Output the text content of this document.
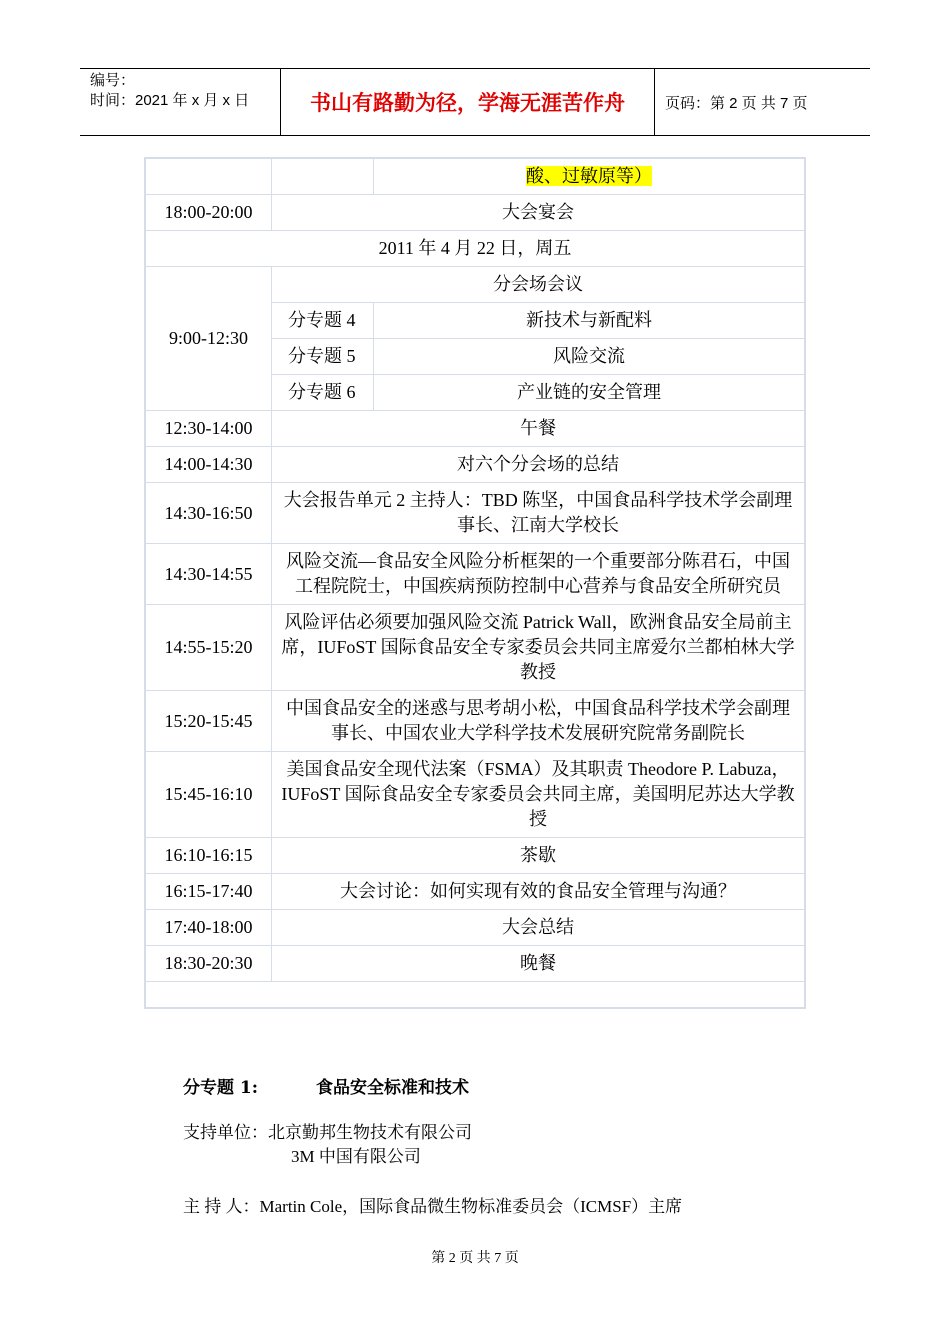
编号：
时间：2021 年 x 月 x 日	书山有路勤为径，学海无涯苦作舟	页码：第 2 页 共 7 页
		酸、过敏原等）
18:00-20:00	大会宴会	
2011 年 4 月 22 日，周五		
9:00-12:30	分会场会议	
	分专题 4	新技术与新配料
	分专题 5	风险交流
	分专题 6	产业链的安全管理
12:30-14:00	午餐	
14:00-14:30	对六个分会场的总结	
14:30-16:50	大会报告单元 2 主持人：TBD 陈坚，中国食品科学技术学会副理事长、江南大学校长	
14:30-14:55	风险交流—食品安全风险分析框架的一个重要部分陈君石，中国工程院院士，中国疾病预防控制中心营养与食品安全所研究员	
14:55-15:20	风险评估必须要加强风险交流 Patrick Wall，欧洲食品安全局前主席，IUFoST 国际食品安全专家委员会共同主席爱尔兰都柏林大学教授	
15:20-15:45	中国食品安全的迷惑与思考胡小松，中国食品科学技术学会副理事长、中国农业大学科学技术发展研究院常务副院长	
15:45-16:10	美国食品安全现代法案（FSMA）及其职责 Theodore P. Labuza，IUFoST 国际食品安全专家委员会共同主席，美国明尼苏达大学教授	
16:10-16:15	茶歇	
16:15-17:40	大会讨论：如何实现有效的食品安全管理与沟通？	
17:40-18:00	大会总结	
18:30-20:30	晚餐	

分专题 1:	食品安全标准和技术
支持单位：北京勤邦生物技术有限公司
3M 中国有限公司
主 持 人：Martin Cole，国际食品微生物标准委员会（ICMSF）主席
第 2 页 共 7 页
